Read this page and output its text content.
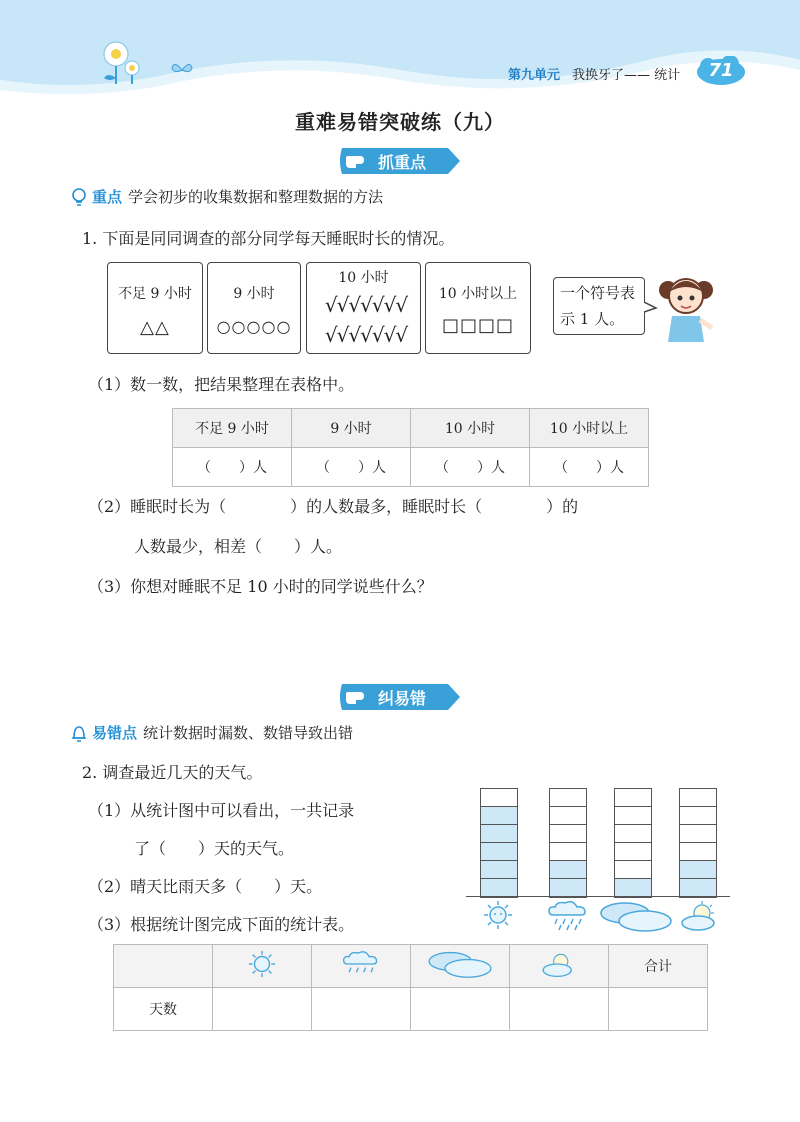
第九单元 我换牙了—— 统计	71
重难易错突破练（九）
抓重点
重点 学会初步的收集数据和整理数据的方法
1. 下面是同同调查的部分同学每天睡眠时长的情况。
不足 9 小时
△△
9 小时
○○○○○
10 小时
√√√√√√√
√√√√√√√
10 小时以上
□□□□
一个符号表
示 1 人。
（1）数一数，把结果整理在表格中。
不足 9 小时	9 小时	10 小时	10 小时以上
（　　）人	（　　）人	（　　）人	（　　）人
（2）睡眠时长为（　　　　）的人数最多，睡眠时长（　　　　）的
人数最少，相差（　　）人。
（3）你想对睡眠不足 10 小时的同学说些什么？
纠易错
易错点 统计数据时漏数、数错导致出错
2. 调查最近几天的天气。
（1）从统计图中可以看出，一共记录
了（　　）天的天气。
（2）晴天比雨天多（　　）天。
（3）根据统计图完成下面的统计表。
					合计
天数					
